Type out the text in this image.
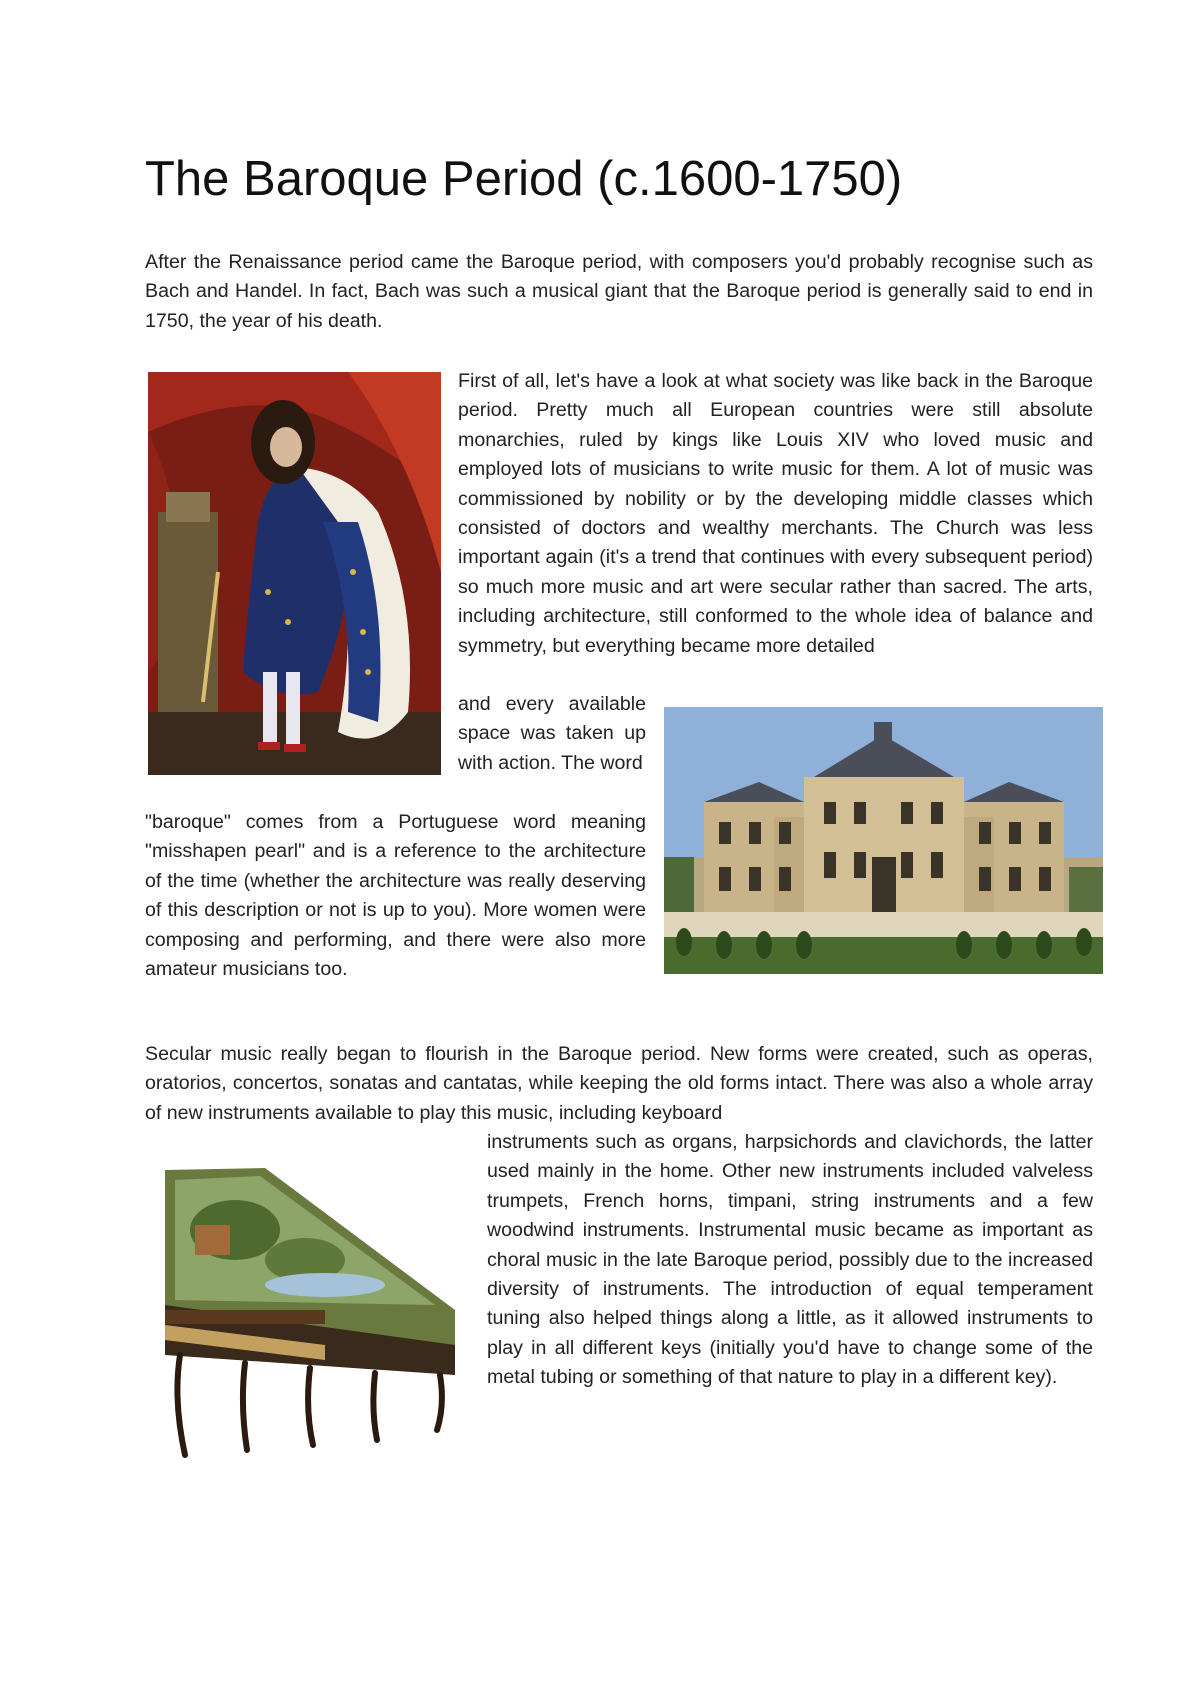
The Baroque Period (c.1600-1750)

After the Renaissance period came the Baroque period, with composers you'd probably recognise such as Bach and Handel. In fact, Bach was such a musical giant that the Baroque period is generally said to end in 1750, the year of his death.

First of all, let's have a look at what society was like back in the Baroque period. Pretty much all European countries were still absolute monarchies, ruled by kings like Louis XIV who loved music and employed lots of musicians to write music for them. A lot of music was commissioned by nobility or by the developing middle classes which consisted of doctors and wealthy merchants. The Church was less important again (it's a trend that continues with every subsequent period) so much more music and art were secular rather than sacred. The arts, including architecture, still conformed to the whole idea of balance and symmetry, but everything became more detailed
and every available space was taken up with action. The word
"baroque" comes from a Portuguese word meaning "misshapen pearl" and is a reference to the architecture of the time (whether the architecture was really deserving of this description or not is up to you). More women were composing and performing, and there were also more amateur musicians too.

Secular music really began to flourish in the Baroque period. New forms were created, such as operas, oratorios, concertos, sonatas and cantatas, while keeping the old forms intact. There was also a whole array of new instruments available to play this music, including keyboard

instruments such as organs, harpsichords and clavichords, the latter used mainly in the home. Other new instruments included valveless trumpets, French horns, timpani, string instruments and a few woodwind instruments. Instrumental music became as important as choral music in the late Baroque period, possibly due to the increased diversity of instruments. The introduction of equal temperament tuning also helped things along a little, as it allowed instruments to play in all different keys (initially you'd have to change some of the metal tubing or something of that nature to play in a different key).
